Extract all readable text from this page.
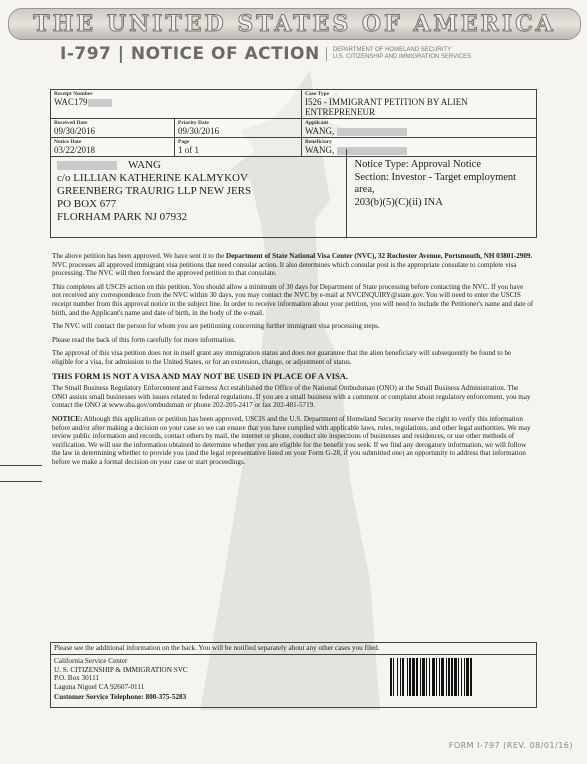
THE UNITED STATES OF AMERICA
I-797 | NOTICE OF ACTION DEPARTMENT OF HOMELAND SECURITY
U.S. CITIZENSHIP AND IMMIGRATION SERVICES
Receipt Number
WAC179
Case Type
I526 - IMMIGRANT PETITION BY ALIEN ENTREPRENEUR
Received Date
09/30/2016
Priority Date
09/30/2016
Applicant
WANG,
Notice Date
03/22/2018
Page
1 of 1
Beneficiary
WANG,
WANG
c/o LILLIAN KATHERINE KALMYKOV
GREENBERG TRAURIG LLP NEW JERS
PO BOX 677
FLORHAM PARK NJ 07932
Notice Type: Approval Notice
Section: Investor - Target employment area,
203(b)(5)(C)(ii) INA

The above petition has been approved. We have sent it to the Department of State National Visa Center (NVC), 32 Rochester Avenue, Portsmouth, NH 03801-2909. NVC processes all approved immigrant visa petitions that need consular action. It also determines which consular post is the appropriate consulate to complete visa processing. The NVC will then forward the approved petition to that consulate.

This completes all USCIS action on this petition. You should allow a minimum of 30 days for Department of State processing before contacting the NVC. If you have not received any correspondence from the NVC within 30 days, you may contact the NVC by e-mail at NVCINQUIRY@state.gov. You will need to enter the USCIS receipt number from this approval notice in the subject line. In order to receive information about your petition, you will need to include the Petitioner's name and date of birth, and the Applicant's name and date of birth, in the body of the e-mail.

The NVC will contact the person for whom you are petitioning concerning further immigrant visa processing steps.

Please read the back of this form carefully for more information.

The approval of this visa petition does not in itself grant any immigration status and does not guarantee that the alien beneficiary will subsequently be found to be eligible for a visa, for admission to the United States, or for an extension, change, or adjustment of status.

THIS FORM IS NOT A VISA AND MAY NOT BE USED IN PLACE OF A VISA.

The Small Business Regulatory Enforcement and Fairness Act established the Office of the National Ombudsman (ONO) at the Small Business Administration. The ONO assists small businesses with issues related to federal regulations. If you are a small business with a comment or complaint about regulatory enforcement, you may contact the ONO at www.sba.gov/ombudsman or phone 202-205-2417 or fax 202-481-5719.

NOTICE: Although this application or petition has been approved, USCIS and the U.S. Department of Homeland Security reserve the right to verify this information before and/or after making a decision on your case so we can ensure that you have complied with applicable laws, rules, regulations, and other legal authorities. We may review public information and records, contact others by mail, the internet or phone, conduct site inspections of businesses and residences, or use other methods of verification. We will use the information obtained to determine whether you are eligible for the benefit you seek. If we find any derogatory information, we will follow the law in determining whether to provide you (and the legal representative listed on your Form G-28, if you submitted one) an opportunity to address that information before we make a formal decision on your case or start proceedings.

Please see the additional information on the back. You will be notified separately about any other cases you filed.
California Service Center
U. S. CITIZENSHIP & IMMIGRATION SVC
P.O. Box 30111
Laguna Niguel CA 92607-0111
Customer Service Telephone: 800-375-5283
FORM I-797 (REV. 08/01/16)
